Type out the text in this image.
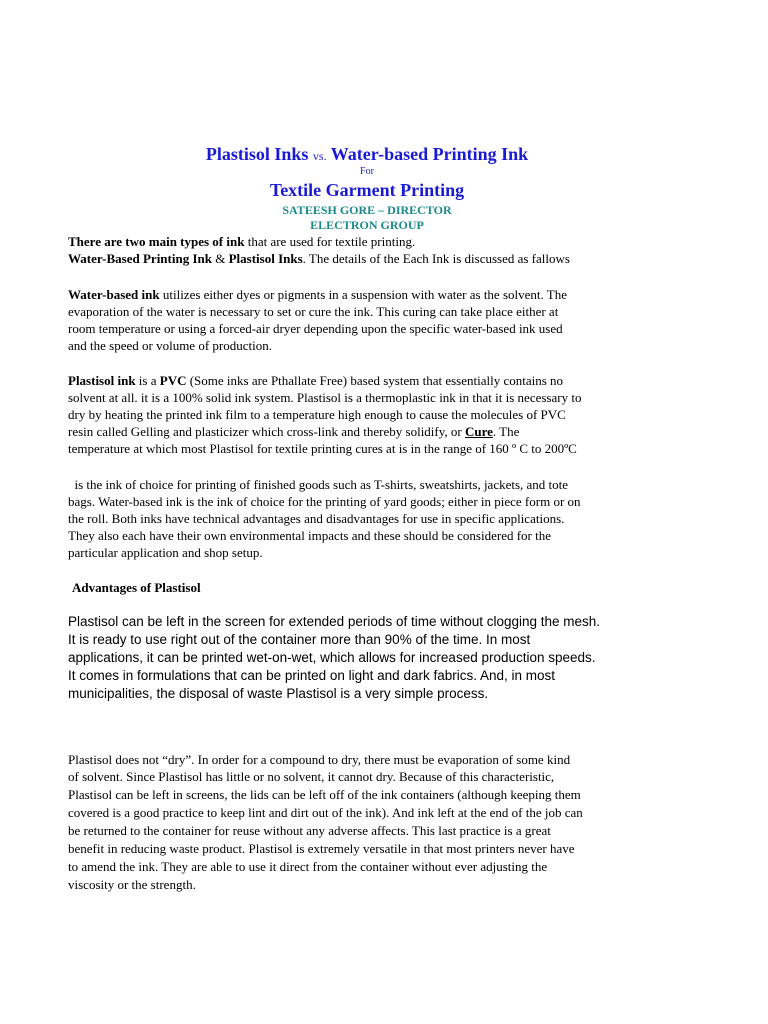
Plastisol Inks vs. Water-based Printing Ink
For
Textile Garment Printing
SATEESH GORE – DIRECTOR
ELECTRON GROUP
There are two main types of ink that are used for textile printing.
Water-Based Printing Ink & Plastisol Inks. The details of the Each Ink is discussed as fallows
Water-based ink utilizes either dyes or pigments in a suspension with water as the solvent. The
evaporation of the water is necessary to set or cure the ink. This curing can take place either at
room temperature or using a forced-air dryer depending upon the specific water-based ink used
and the speed or volume of production.
Plastisol ink is a PVC (Some inks are Pthallate Free) based system that essentially contains no
solvent at all. it is a 100% solid ink system. Plastisol is a thermoplastic ink in that it is necessary to
dry by heating the printed ink film to a temperature high enough to cause the molecules of PVC
resin called Gelling and plasticizer which cross-link and thereby solidify, or Cure. The
temperature at which most Plastisol for textile printing cures at is in the range of 160 º C to 200ºC
is the ink of choice for printing of finished goods such as T-shirts, sweatshirts, jackets, and tote
bags. Water-based ink is the ink of choice for the printing of yard goods; either in piece form or on
the roll. Both inks have technical advantages and disadvantages for use in specific applications.
They also each have their own environmental impacts and these should be considered for the
particular application and shop setup.
Advantages of Plastisol
Plastisol can be left in the screen for extended periods of time without clogging the mesh.
It is ready to use right out of the container more than 90% of the time. In most
applications, it can be printed wet-on-wet, which allows for increased production speeds.
It comes in formulations that can be printed on light and dark fabrics. And, in most
municipalities, the disposal of waste Plastisol is a very simple process.
Plastisol does not “dry”. In order for a compound to dry, there must be evaporation of some kind
of solvent. Since Plastisol has little or no solvent, it cannot dry. Because of this characteristic,
Plastisol can be left in screens, the lids can be left off of the ink containers (although keeping them
covered is a good practice to keep lint and dirt out of the ink). And ink left at the end of the job can
be returned to the container for reuse without any adverse affects. This last practice is a great
benefit in reducing waste product. Plastisol is extremely versatile in that most printers never have
to amend the ink. They are able to use it direct from the container without ever adjusting the
viscosity or the strength.
